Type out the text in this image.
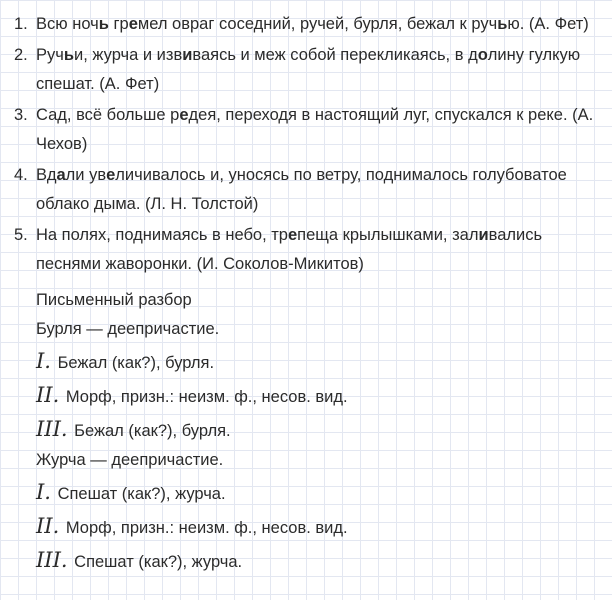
1. Всю ночь гремел овраг соседний, ручей, бурля, бежал к ручью. (А. Фет)
2. Ручьи, журча и извиваясь и меж собой перекликаясь, в долину гулкую спешат. (А. Фет)
3. Сад, всё больше редея, переходя в настоящий луг, спускался к реке. (А. Чехов)
4. Вдали увеличивалось и, уносясь по ветру, поднималось голубоватое облако дыма. (Л. Н. Толстой)
5. На полях, поднимаясь в небо, трепеща крылышками, заливались песнями жаворонки. (И. Соколов-Микитов)
Письменный разбор
Бурля — деепричастие.
I. Бежал (как?), бурля.
II. Морф, призн.: неизм. ф., несов. вид.
III. Бежал (как?), бурля.
Журча — деепричастие.
I. Спешат (как?), журча.
II. Морф, призн.: неизм. ф., несов. вид.
III. Спешат (как?), журча.
